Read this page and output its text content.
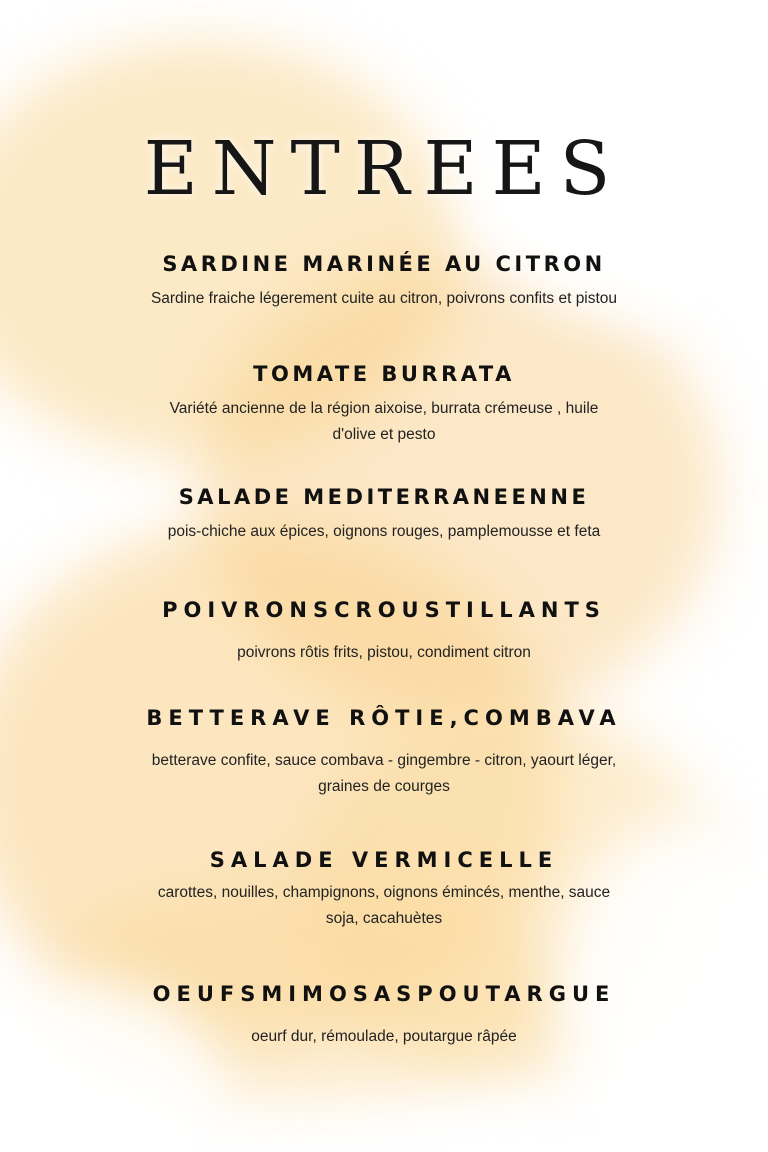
ENTREES
SARDINE MARINÉE AU CITRON
Sardine fraiche légerement cuite au citron, poivrons confits et pistou
TOMATE BURRATA
Variété ancienne de la région aixoise, burrata crémeuse , huile d'olive et pesto
SALADE MEDITERRANEENNE
pois-chiche aux épices, oignons rouges, pamplemousse et feta
POIVRONSCROUSTILLANTS
poivrons rôtis frits, pistou, condiment citron
BETTERAVE RÔTIE,COMBAVA
betterave confite, sauce combava - gingembre - citron, yaourt léger, graines de courges
SALADE VERMICELLE
carottes, nouilles, champignons, oignons émincés, menthe, sauce soja, cacahuètes
OEUFSMIMOSASPOUTARGUE
oeurf dur, rémoulade, poutargue râpée
